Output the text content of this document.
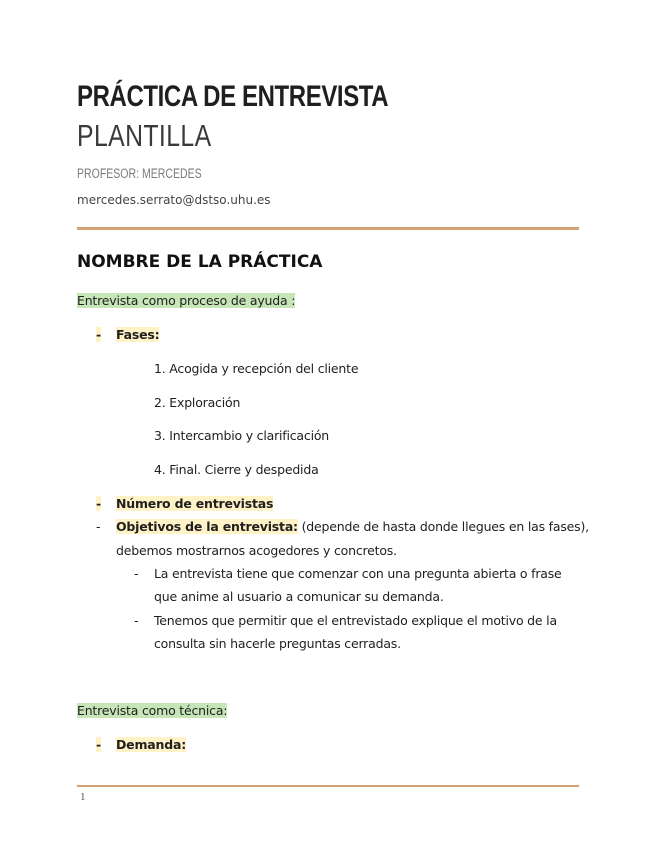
PRÁCTICA DE ENTREVISTA
PLANTILLA
PROFESOR: MERCEDES
mercedes.serrato@dstso.uhu.es
NOMBRE DE LA PRÁCTICA
Entrevista como proceso de ayuda :
- Fases:
1. Acogida y recepción del cliente
2. Exploración
3. Intercambio y clarificación
4. Final. Cierre y despedida
- Número de entrevistas
- Objetivos de la entrevista: (depende de hasta donde llegues en las fases),
debemos mostrarnos acogedores y concretos.
- La entrevista tiene que comenzar con una pregunta abierta o frase
que anime al usuario a comunicar su demanda.
- Tenemos que permitir que el entrevistado explique el motivo de la
consulta sin hacerle preguntas cerradas.
Entrevista como técnica:
- Demanda:
1
